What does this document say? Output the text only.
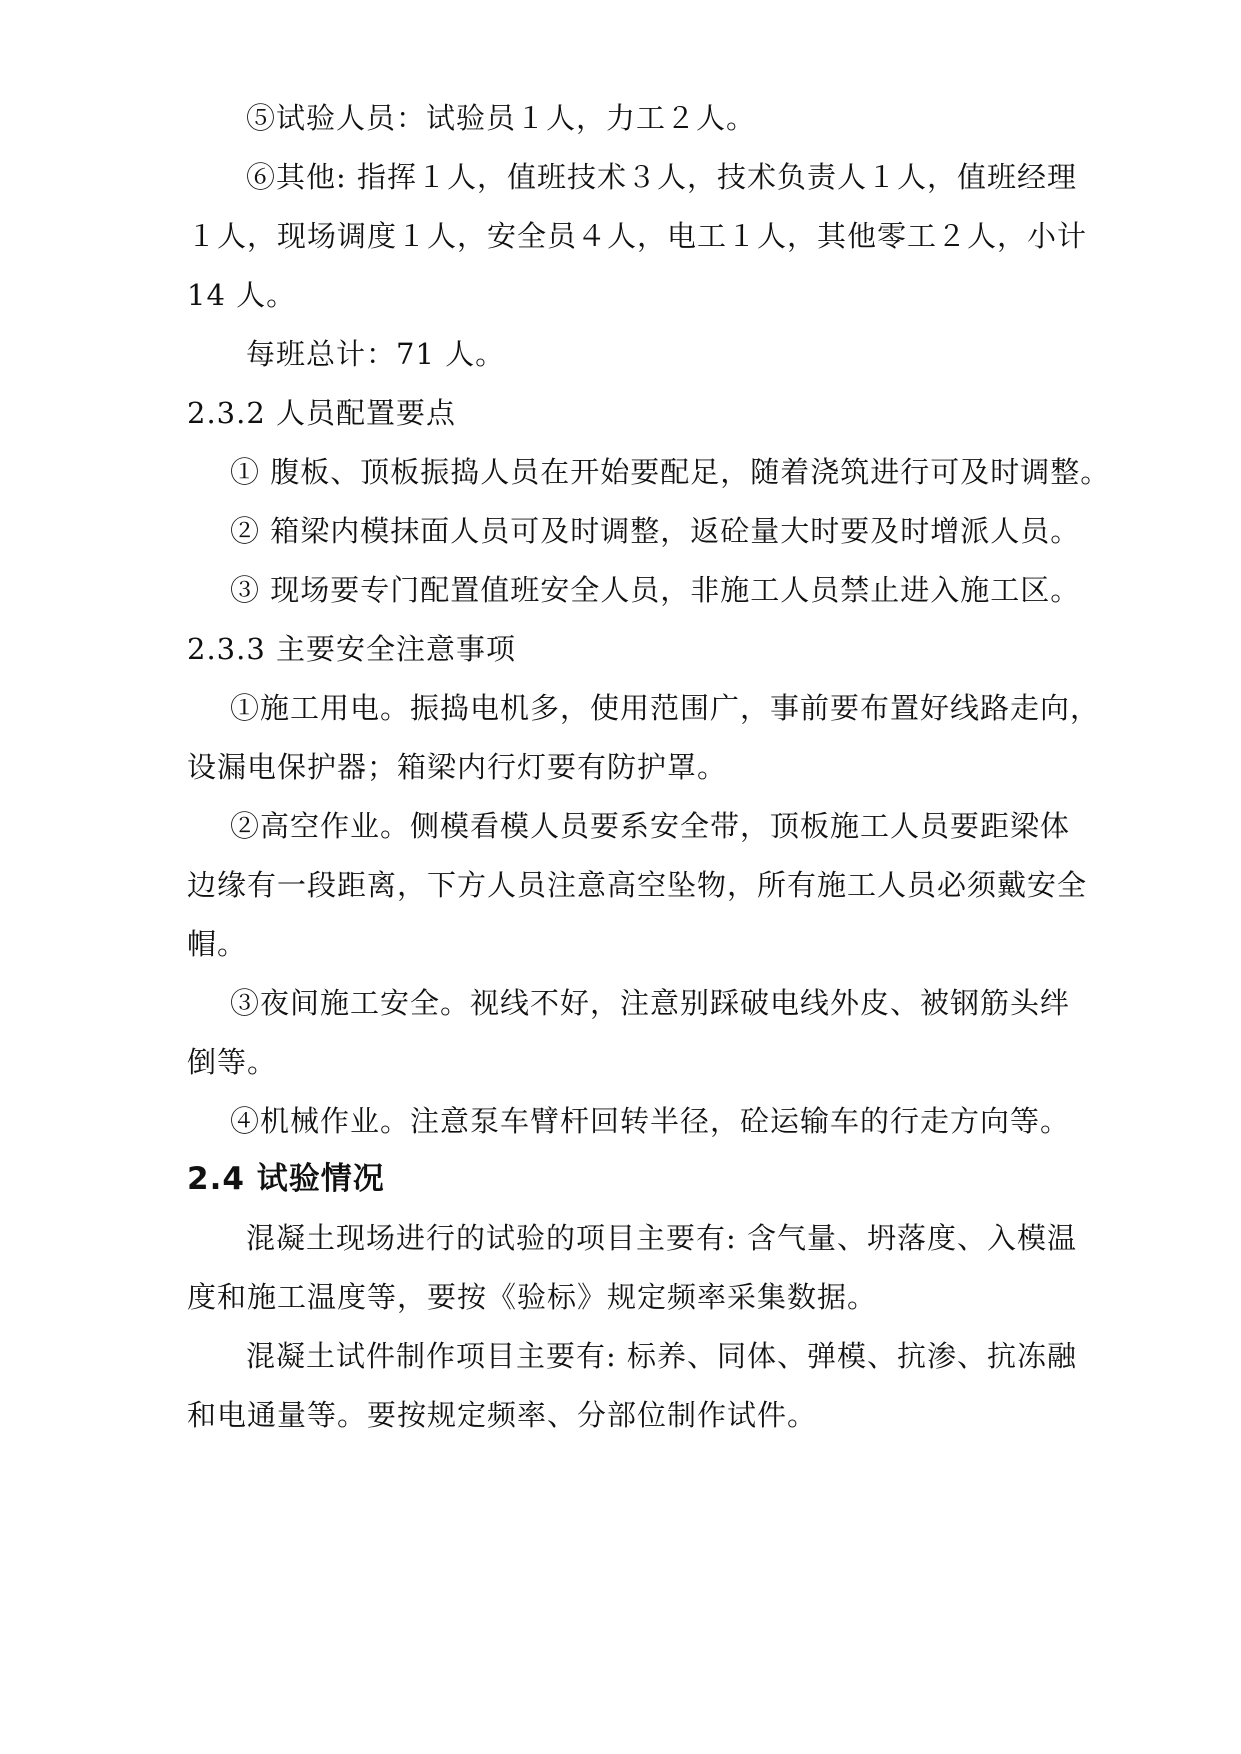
⑤试验人员：试验员１人，力工２人。
⑥其他: 指挥１人，值班技术３人，技术负责人１人，值班经理
１人，现场调度１人，安全员４人，电工１人，其他零工２人，小计
14 人。
每班总计：71 人。
2.3.2 人员配置要点
① 腹板、顶板振捣人员在开始要配足，随着浇筑进行可及时调整。
② 箱梁内模抹面人员可及时调整，返砼量大时要及时增派人员。
③ 现场要专门配置值班安全人员，非施工人员禁止进入施工区。
2.3.3 主要安全注意事项
①施工用电。振捣电机多，使用范围广，事前要布置好线路走向，
设漏电保护器；箱梁内行灯要有防护罩。
②高空作业。侧模看模人员要系安全带，顶板施工人员要距梁体
边缘有一段距离，下方人员注意高空坠物，所有施工人员必须戴安全
帽。
③夜间施工安全。视线不好，注意别踩破电线外皮、被钢筋头绊
倒等。
④机械作业。注意泵车臂杆回转半径，砼运输车的行走方向等。
2.4 试验情况
混凝土现场进行的试验的项目主要有: 含气量、坍落度、入模温
度和施工温度等，要按《验标》规定频率采集数据。
混凝土试件制作项目主要有: 标养、同体、弹模、抗渗、抗冻融
和电通量等。要按规定频率、分部位制作试件。
